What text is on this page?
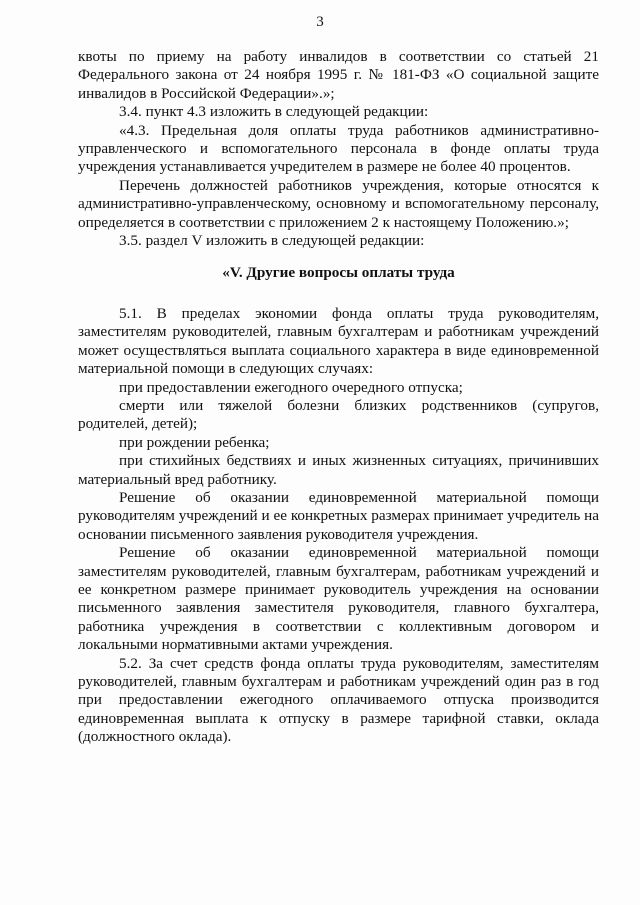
3

квоты по приему на работу инвалидов в соответствии со статьей 21 Федерального закона от 24 ноября 1995 г. № 181-ФЗ «О социальной защите инвалидов в Российской Федерации».»;

3.4. пункт 4.3 изложить в следующей редакции:

«4.3. Предельная доля оплаты труда работников административно-управленческого и вспомогательного персонала в фонде оплаты труда учреждения устанавливается учредителем в размере не более 40 процентов.

Перечень должностей работников учреждения, которые относятся к административно-управленческому, основному и вспомогательному персоналу, определяется в соответствии с приложением 2 к настоящему Положению.»;

3.5. раздел V изложить в следующей редакции:

«V. Другие вопросы оплаты труда

5.1. В пределах экономии фонда оплаты труда руководителям, заместителям руководителей, главным бухгалтерам и работникам учреждений может осуществляться выплата социального характера в виде единовременной материальной помощи в следующих случаях:

при предоставлении ежегодного очередного отпуска;

смерти или тяжелой болезни близких родственников (супругов, родителей, детей);

при рождении ребенка;

при стихийных бедствиях и иных жизненных ситуациях, причинивших материальный вред работнику.

Решение об оказании единовременной материальной помощи руководителям учреждений и ее конкретных размерах принимает учредитель на основании письменного заявления руководителя учреждения.

Решение об оказании единовременной материальной помощи заместителям руководителей, главным бухгалтерам, работникам учреждений и ее конкретном размере принимает руководитель учреждения на основании письменного заявления заместителя руководителя, главного бухгалтера, работника учреждения в соответствии с коллективным договором и локальными нормативными актами учреждения.

5.2. За счет средств фонда оплаты труда руководителям, заместителям руководителей, главным бухгалтерам и работникам учреждений один раз в год при предоставлении ежегодного оплачиваемого отпуска производится единовременная выплата к отпуску в размере тарифной ставки, оклада (должностного оклада).
